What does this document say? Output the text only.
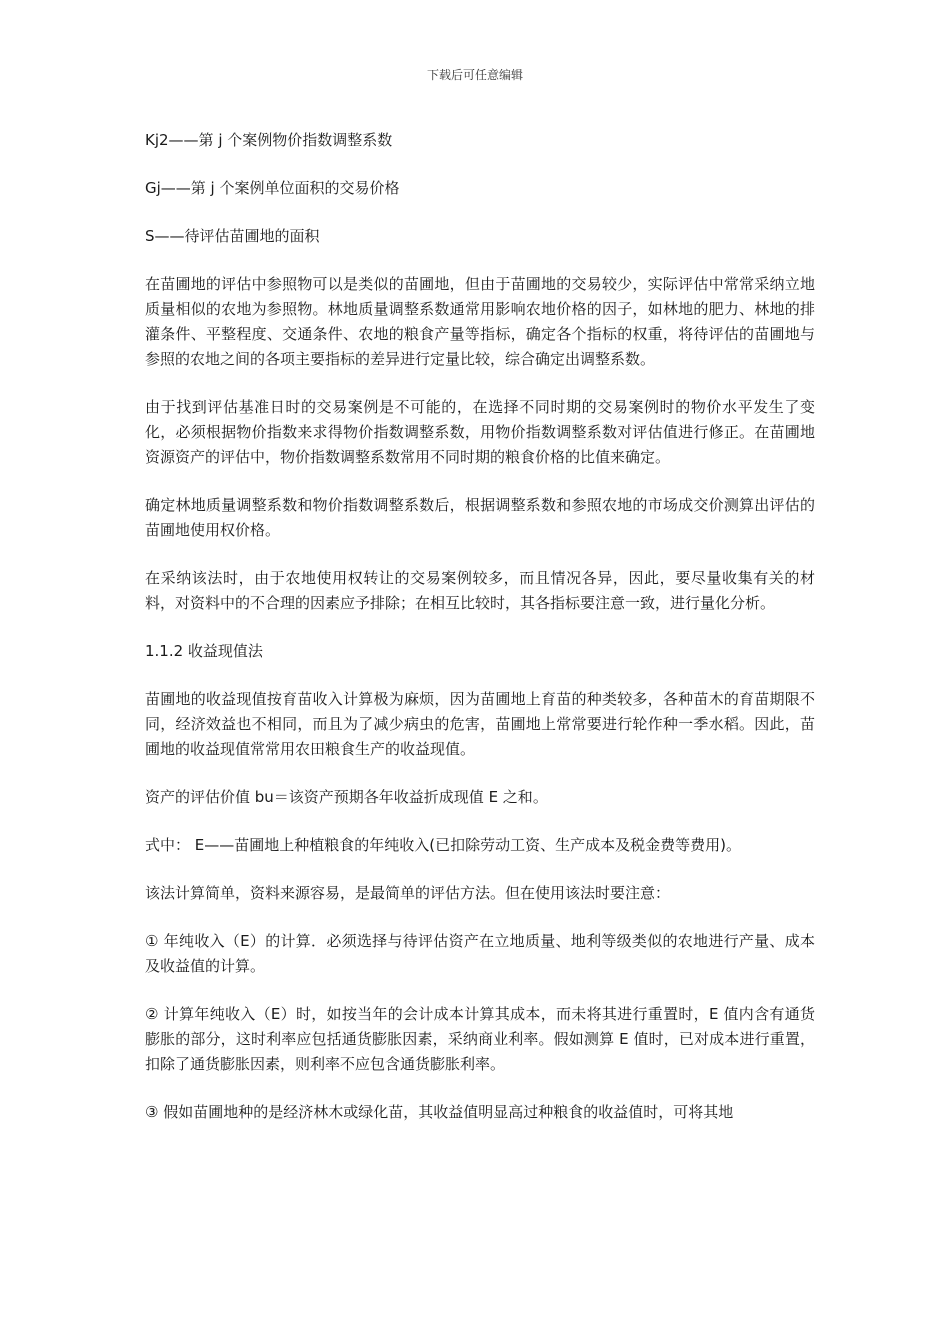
下载后可任意编辑

Kj2——第 j 个案例物价指数调整系数

Gj——第 j 个案例单位面积的交易价格

S——待评估苗圃地的面积

在苗圃地的评估中参照物可以是类似的苗圃地，但由于苗圃地的交易较少，实际评估中常常采纳立地质量相似的农地为参照物。林地质量调整系数通常用影响农地价格的因子，如林地的肥力、林地的排灌条件、平整程度、交通条件、农地的粮食产量等指标，确定各个指标的权重，将待评估的苗圃地与参照的农地之间的各项主要指标的差异进行定量比较，综合确定出调整系数。

由于找到评估基准日时的交易案例是不可能的，在选择不同时期的交易案例时的物价水平发生了变化，必须根据物价指数来求得物价指数调整系数，用物价指数调整系数对评估值进行修正。在苗圃地资源资产的评估中，物价指数调整系数常用不同时期的粮食价格的比值来确定。

确定林地质量调整系数和物价指数调整系数后，根据调整系数和参照农地的市场成交价测算出评估的苗圃地使用权价格。

在采纳该法时，由于农地使用权转让的交易案例较多，而且情况各异，因此，要尽量收集有关的材料，对资料中的不合理的因素应予排除；在相互比较时，其各指标要注意一致，进行量化分析。

1.1.2 收益现值法

苗圃地的收益现值按育苗收入计算极为麻烦，因为苗圃地上育苗的种类较多，各种苗木的育苗期限不同，经济效益也不相同，而且为了减少病虫的危害，苗圃地上常常要进行轮作种一季水稻。因此，苗圃地的收益现值常常用农田粮食生产的收益现值。

资产的评估价值 bu＝该资产预期各年收益折成现值 E 之和。

式中： E——苗圃地上种植粮食的年纯收入(已扣除劳动工资、生产成本及税金费等费用)。

该法计算简单，资料来源容易，是最简单的评估方法。但在使用该法时要注意：

① 年纯收入（E）的计算．必须选择与待评估资产在立地质量、地利等级类似的农地进行产量、成本及收益值的计算。

② 计算年纯收入（E）时，如按当年的会计成本计算其成本，而未将其进行重置时，E 值内含有通货膨胀的部分，这时利率应包括通货膨胀因素，采纳商业利率。假如测算 E 值时，已对成本进行重置，扣除了通货膨胀因素，则利率不应包含通货膨胀利率。

③ 假如苗圃地种的是经济林木或绿化苗，其收益值明显高过种粮食的收益值时，可将其地
